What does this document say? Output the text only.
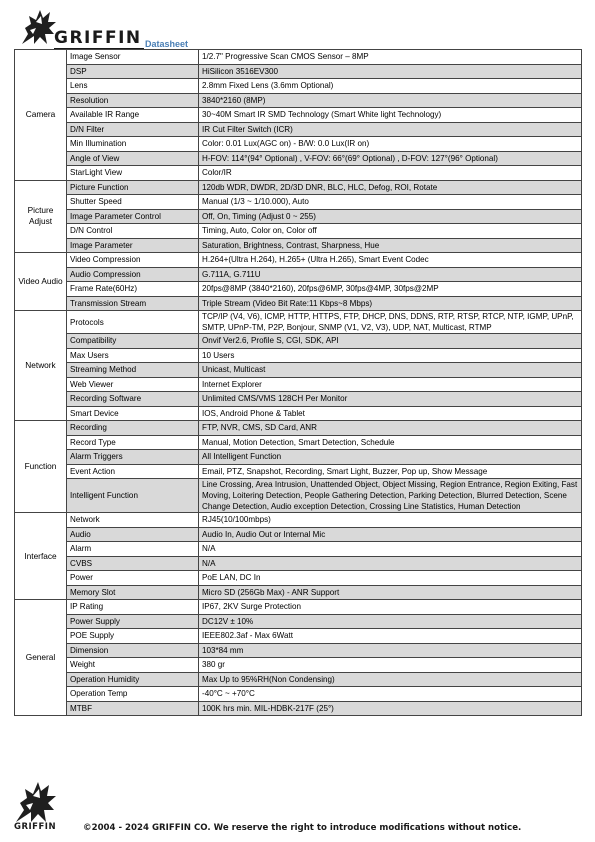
GRIFFIN Datasheet
Camera	Image Sensor	1/2.7" Progressive Scan CMOS Sensor – 8MP
	DSP	HiSilicon 3516EV300
	Lens	2.8mm Fixed Lens (3.6mm Optional)
	Resolution	3840*2160 (8MP)
	Available IR Range	30~40M Smart IR SMD Technology (Smart White light Technology)
	D/N Filter	IR Cut Filter Switch (ICR)
	Min Illumination	Color: 0.01 Lux(AGC on) - B/W: 0.0 Lux(IR on)
	Angle of View	H-FOV: 114°(94° Optional) , V-FOV: 66°(69° Optional) , D-FOV: 127°(96° Optional)
	StarLight View	Color/IR
Picture Adjust	Picture Function	120db WDR, DWDR, 2D/3D DNR, BLC, HLC, Defog, ROI, Rotate
	Shutter Speed	Manual (1/3 ~ 1/10.000), Auto
	Image Parameter Control	Off, On, Timing (Adjust 0 ~ 255)
	D/N Control	Timing, Auto, Color on, Color off
	Image Parameter	Saturation, Brightness, Contrast, Sharpness, Hue
Video Audio	Video Compression	H.264+(Ultra H.264), H.265+ (Ultra H.265), Smart Event Codec
	Audio Compression	G.711A, G.711U
	Frame Rate(60Hz)	20fps@8MP (3840*2160), 20fps@6MP, 30fps@4MP, 30fps@2MP
	Transmission Stream	Triple Stream (Video Bit Rate:11 Kbps~8 Mbps)
Network	Protocols	TCP/IP (V4, V6), ICMP, HTTP, HTTPS, FTP, DHCP, DNS, DDNS, RTP, RTSP, RTCP, NTP, IGMP, UPnP, SMTP, UPnP-TM, P2P, Bonjour, SNMP (V1, V2, V3), UDP, NAT, Multicast, RTMP
	Compatibility	Onvif Ver2.6, Profile S, CGI, SDK, API
	Max Users	10 Users
	Streaming Method	Unicast, Multicast
	Web Viewer	Internet Explorer
	Recording Software	Unlimited CMS/VMS 128CH Per Monitor
	Smart Device	IOS, Android Phone & Tablet
Function	Recording	FTP, NVR, CMS, SD Card, ANR
	Record Type	Manual, Motion Detection, Smart Detection, Schedule
	Alarm Triggers	All Intelligent Function
	Event Action	Email, PTZ, Snapshot, Recording, Smart Light, Buzzer, Pop up, Show Message
	Intelligent Function	Line Crossing, Area Intrusion, Unattended Object, Object Missing, Region Entrance, Region Exiting, Fast Moving, Loitering Detection, People Gathering Detection, Parking Detection, Blurred Detection, Scene Change Detection, Audio exception Detection, Crossing Line Statistics, Human Detection
Interface	Network	RJ45(10/100mbps)
	Audio	Audio In, Audio Out or Internal Mic
	Alarm	N/A
	CVBS	N/A
	Power	PoE LAN, DC In
	Memory Slot	Micro SD (256Gb Max) - ANR Support
General	IP Rating	IP67, 2KV Surge Protection
	Power Supply	DC12V ± 10%
	POE Supply	IEEE802.3af - Max 6Watt
	Dimension	103*84 mm
	Weight	380 gr
	Operation Humidity	Max Up to 95%RH(Non Condensing)
	Operation Temp	-40°C ~ +70°C
	MTBF	100K hrs min. MIL-HDBK-217F (25°)
GRIFFIN	©2004 - 2024 GRIFFIN CO. We reserve the right to introduce modifications without notice.
